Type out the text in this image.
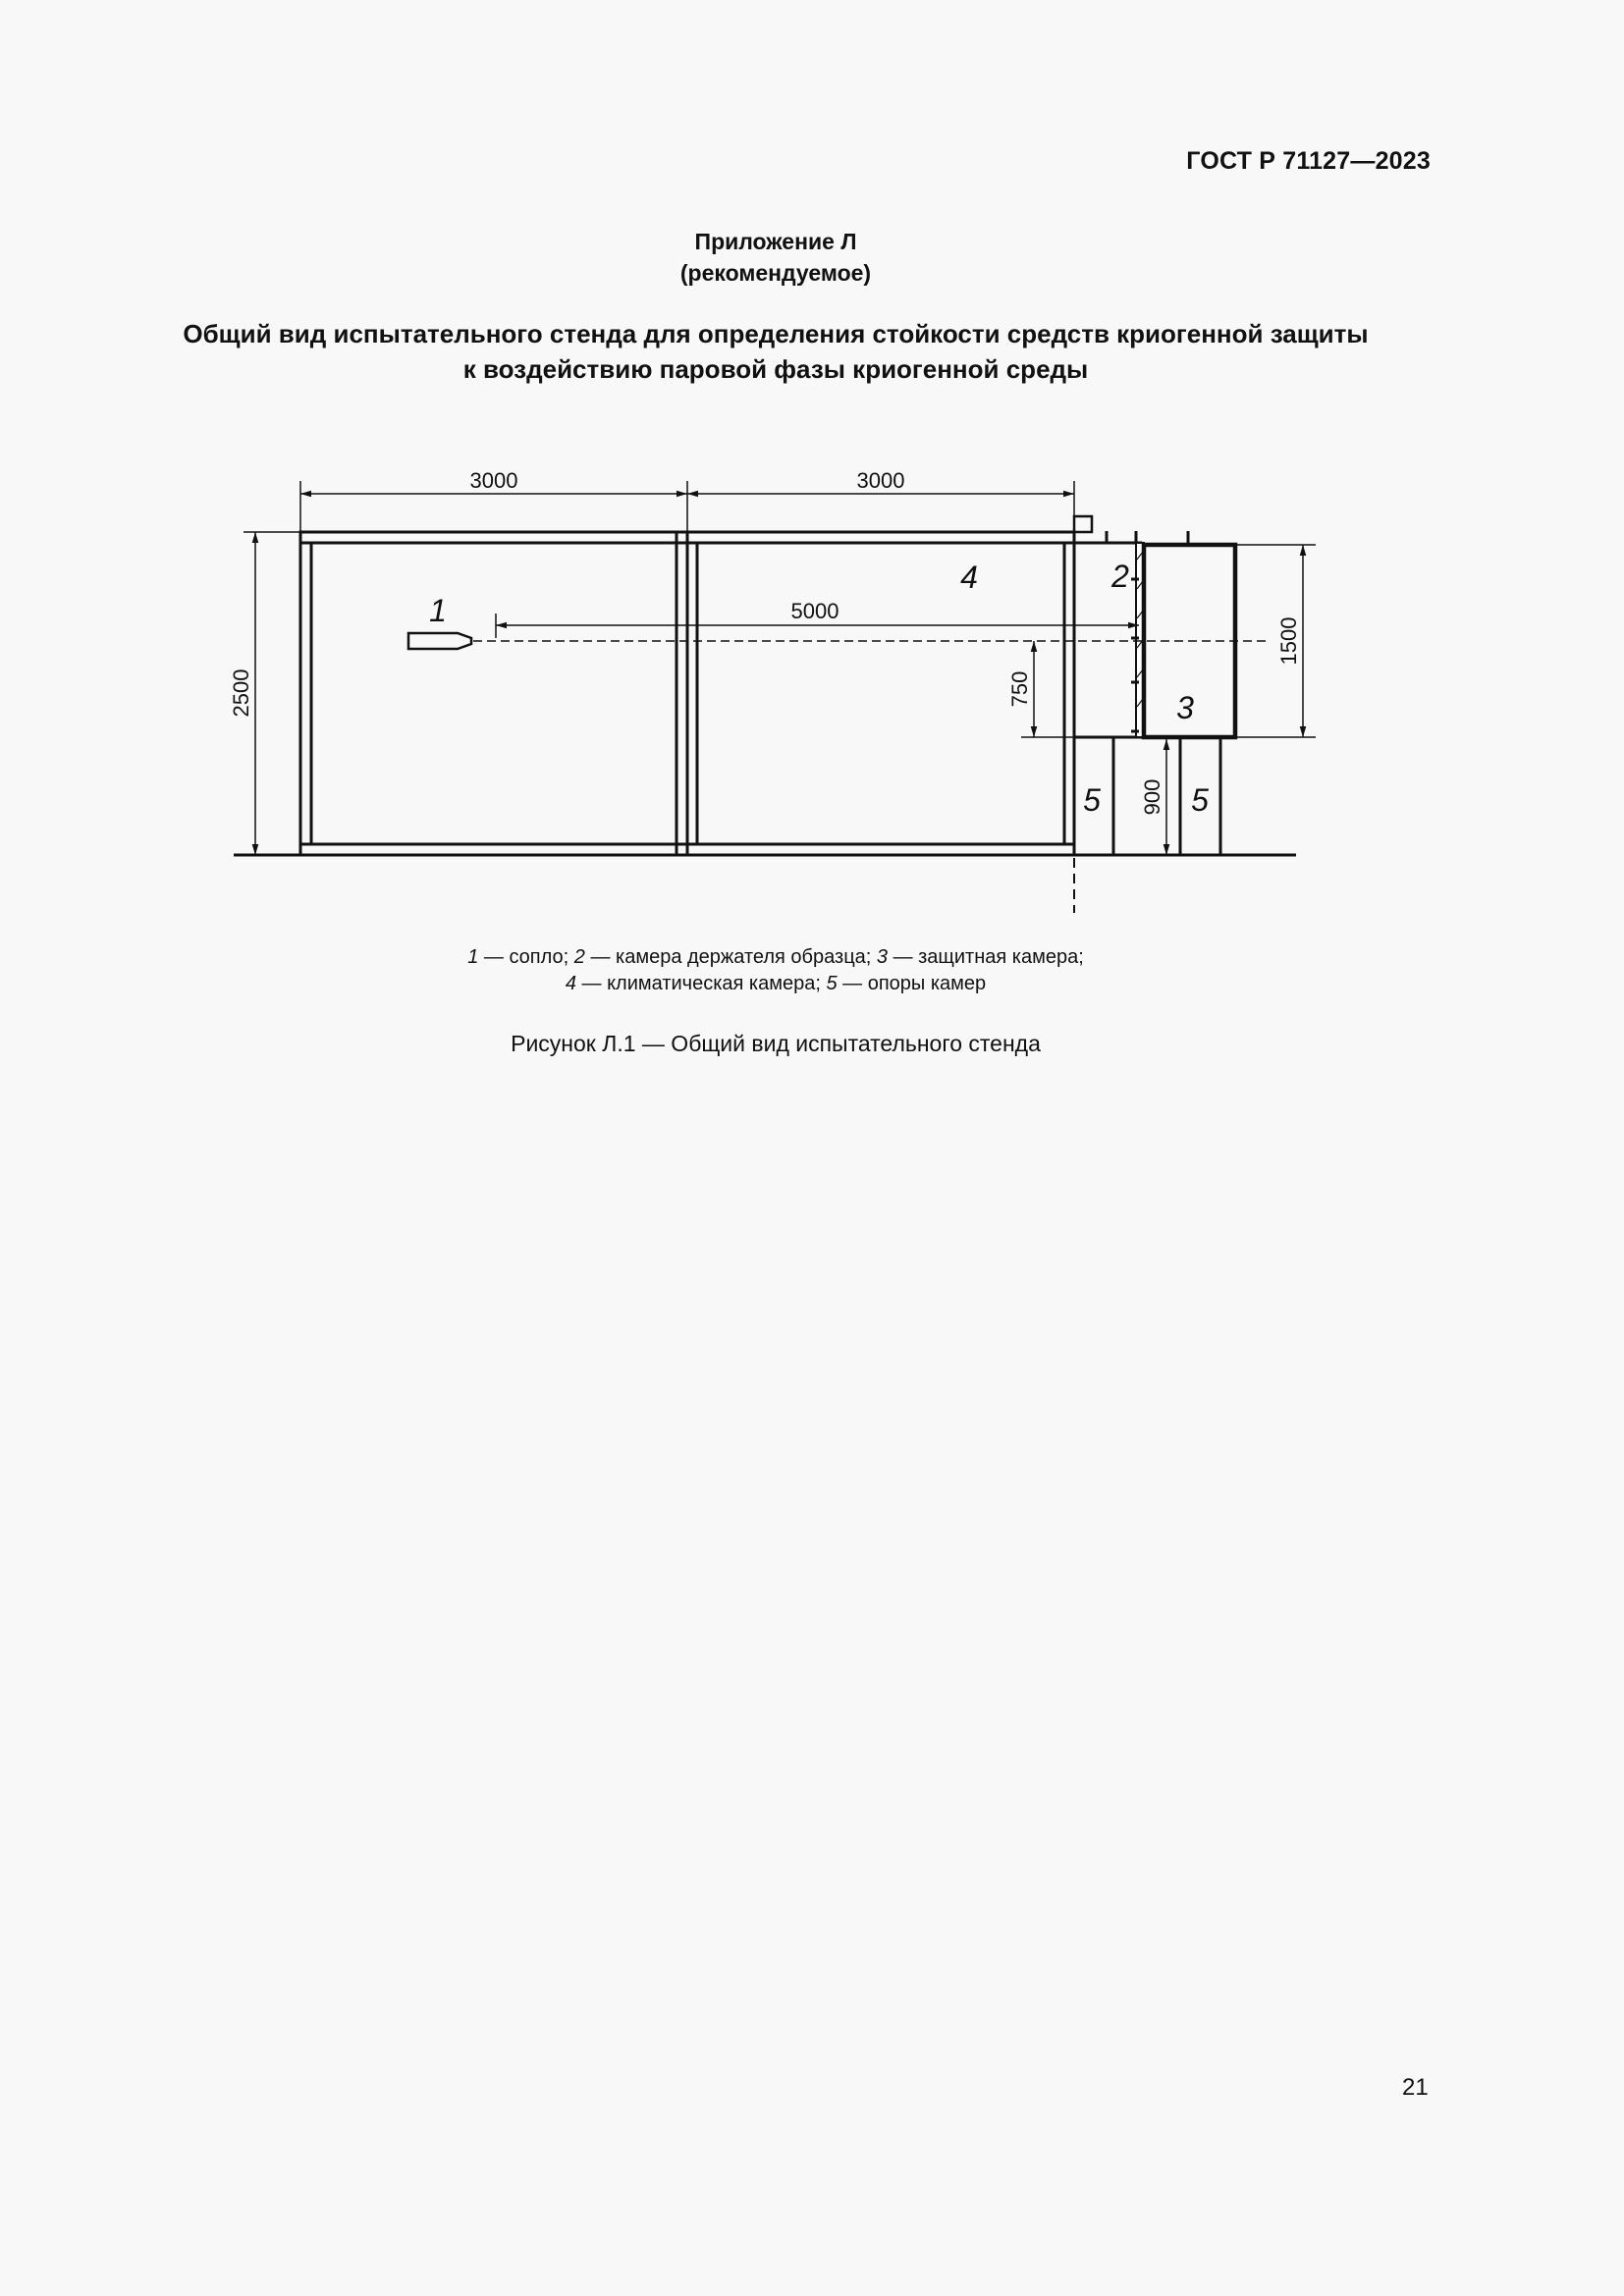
ГОСТ Р 71127—2023
Приложение Л
(рекомендуемое)
Общий вид испытательного стенда для определения стойкости средств криогенной защиты
к воздействию паровой фазы криогенной среды
3000	3000
5000
2500	750
900
1500
1
2
3
4
5	5
1 — сопло; 2 — камера держателя образца; 3 — защитная камера;
4 — климатическая камера; 5 — опоры камер
Рисунок Л.1 — Общий вид испытательного стенда
21
